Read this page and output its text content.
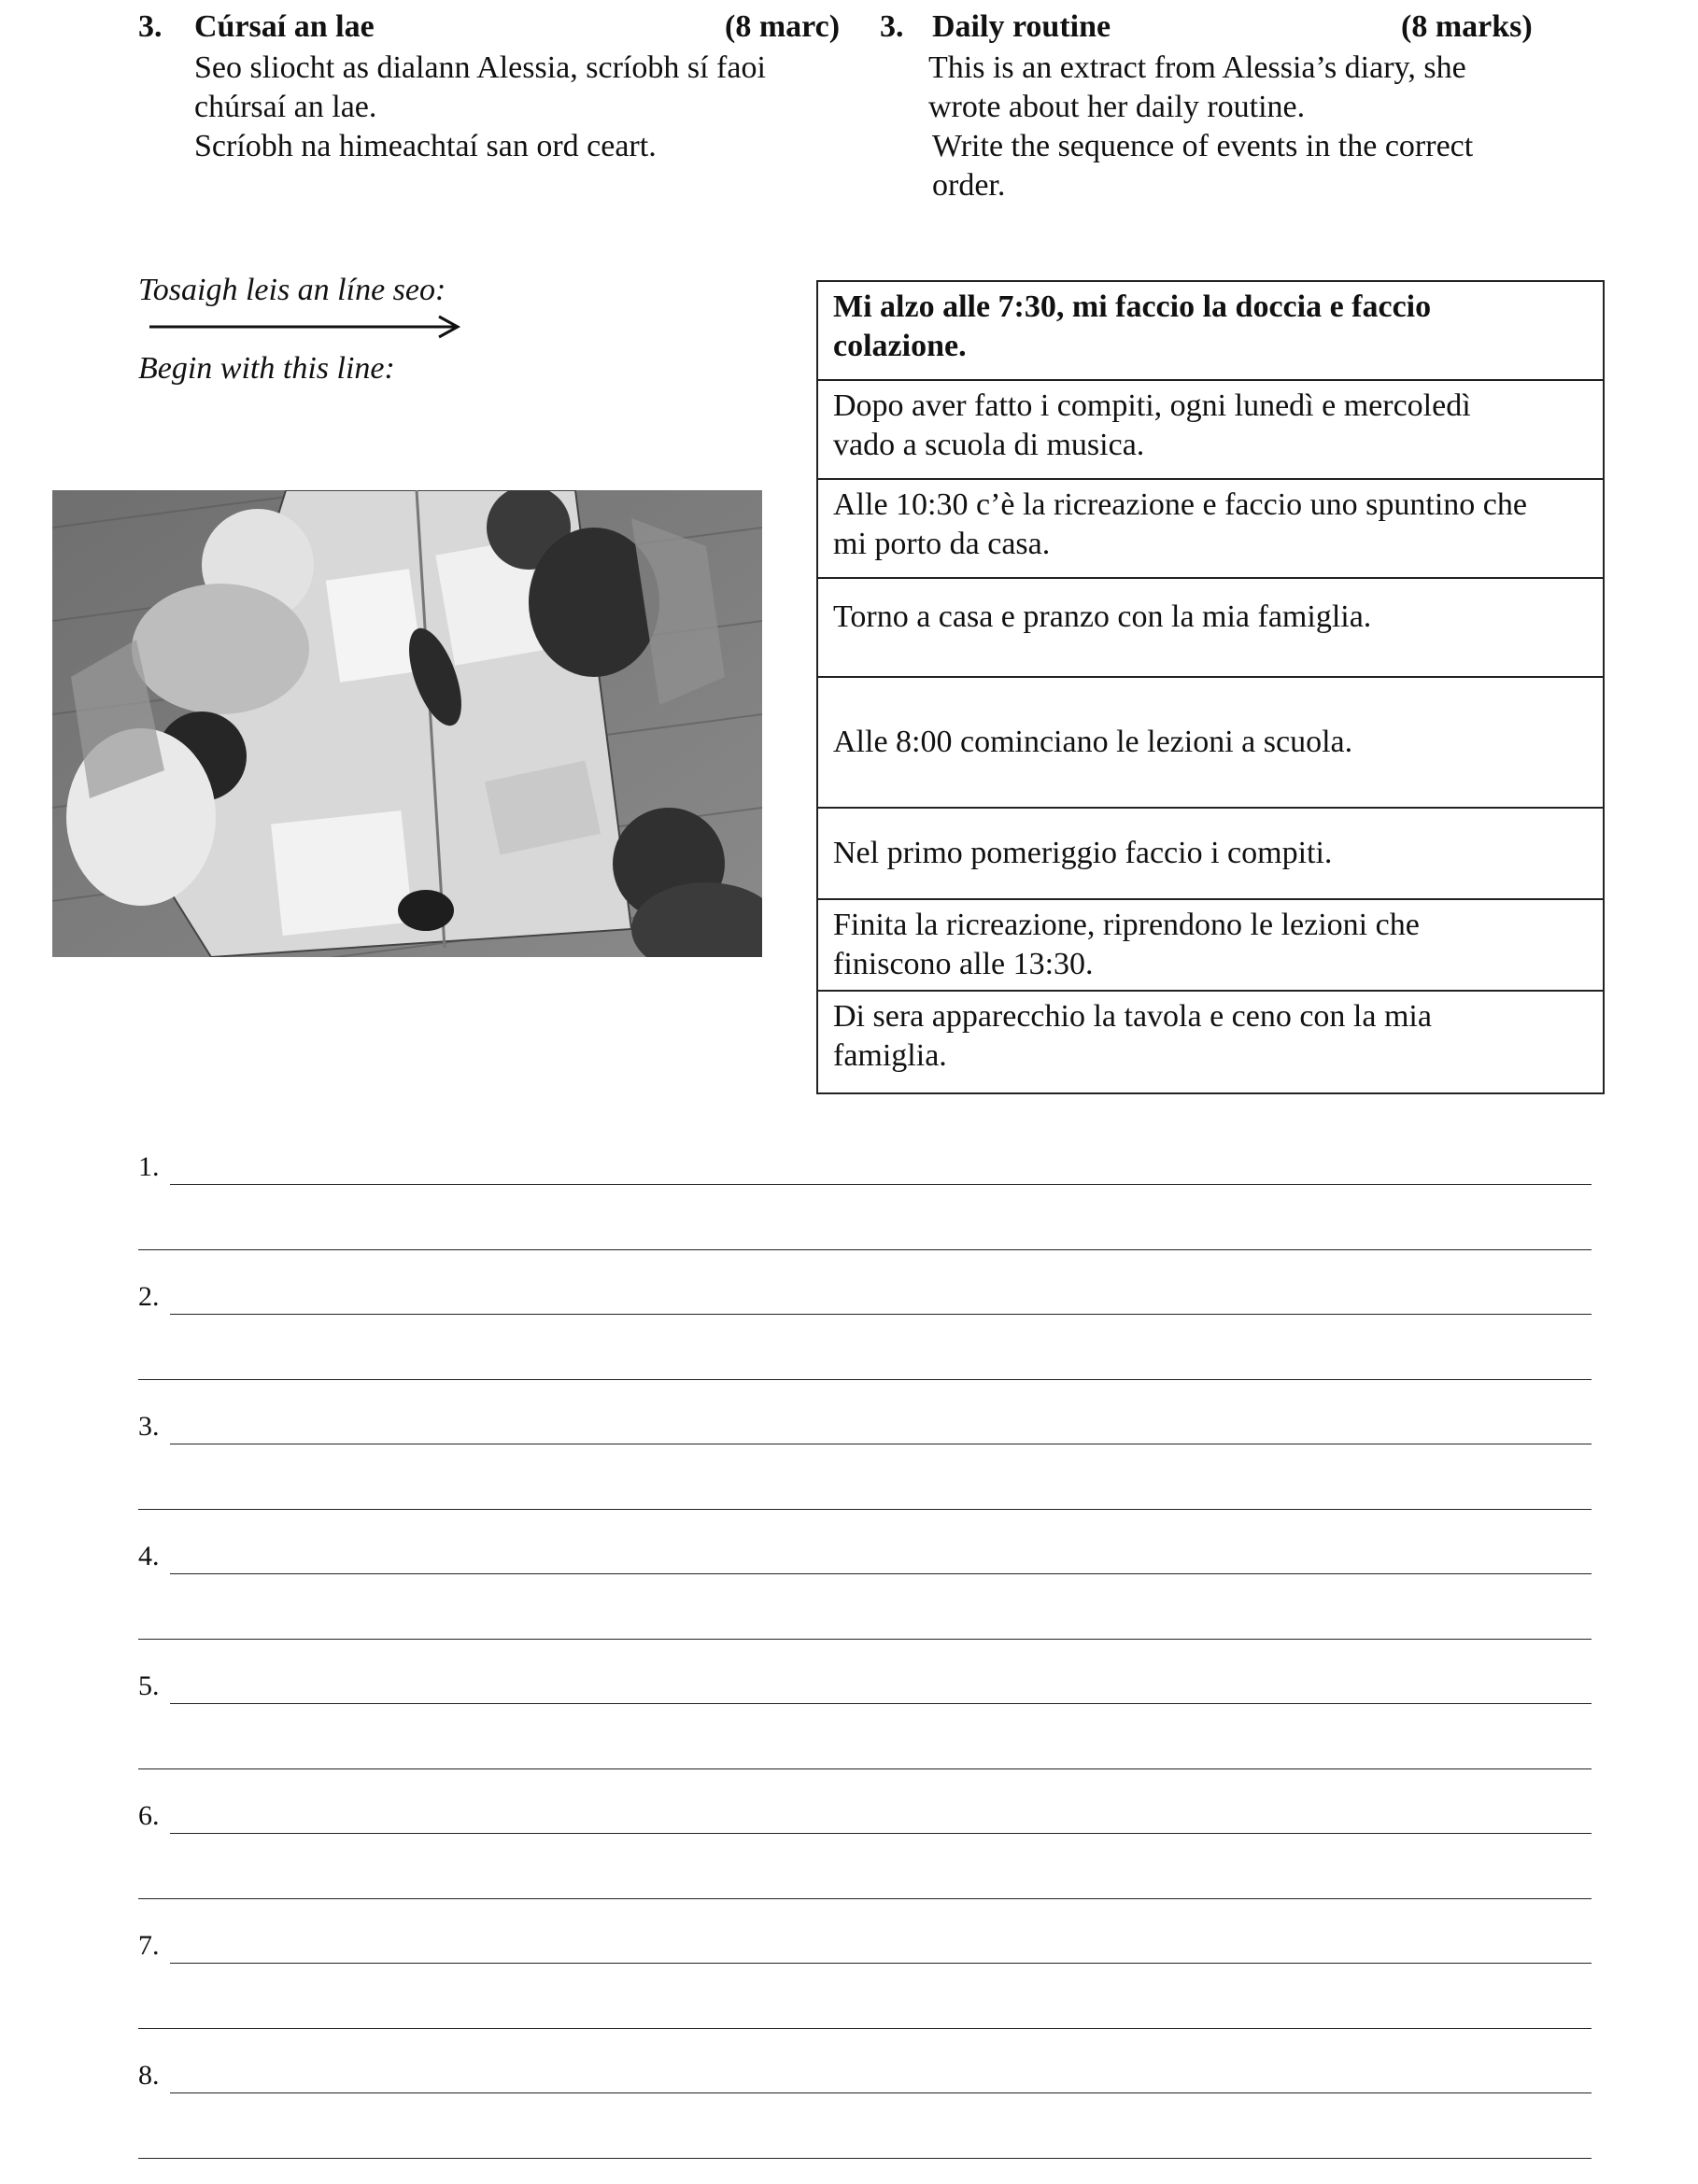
3. Cúrsaí an lae	(8 marc)
Seo sliocht as dialann Alessia, scríobh sí faoi
chúrsaí an lae.
Scríobh na himeachtaí san ord ceart.
3. Daily routine	(8 marks)
This is an extract from Alessia’s diary, she
wrote about her daily routine.
Write the sequence of events in the correct
order.
Tosaigh leis an líne seo:
Begin with this line:
Mi alzo alle 7:30, mi faccio la doccia e faccio
colazione.

Dopo aver fatto i compiti, ogni lunedì e mercoledì
vado a scuola di musica.

Alle 10:30 c’è la ricreazione e faccio uno spuntino che
mi porto da casa.

Torno a casa e pranzo con la mia famiglia.

Alle 8:00 cominciano le lezioni a scuola.

Nel primo pomeriggio faccio i compiti.

Finita la ricreazione, riprendono le lezioni che
finiscono alle 13:30.

Di sera apparecchio la tavola e ceno con la mia
famiglia.
1.
2.
3.
4.
5.
6.
7.
8.
